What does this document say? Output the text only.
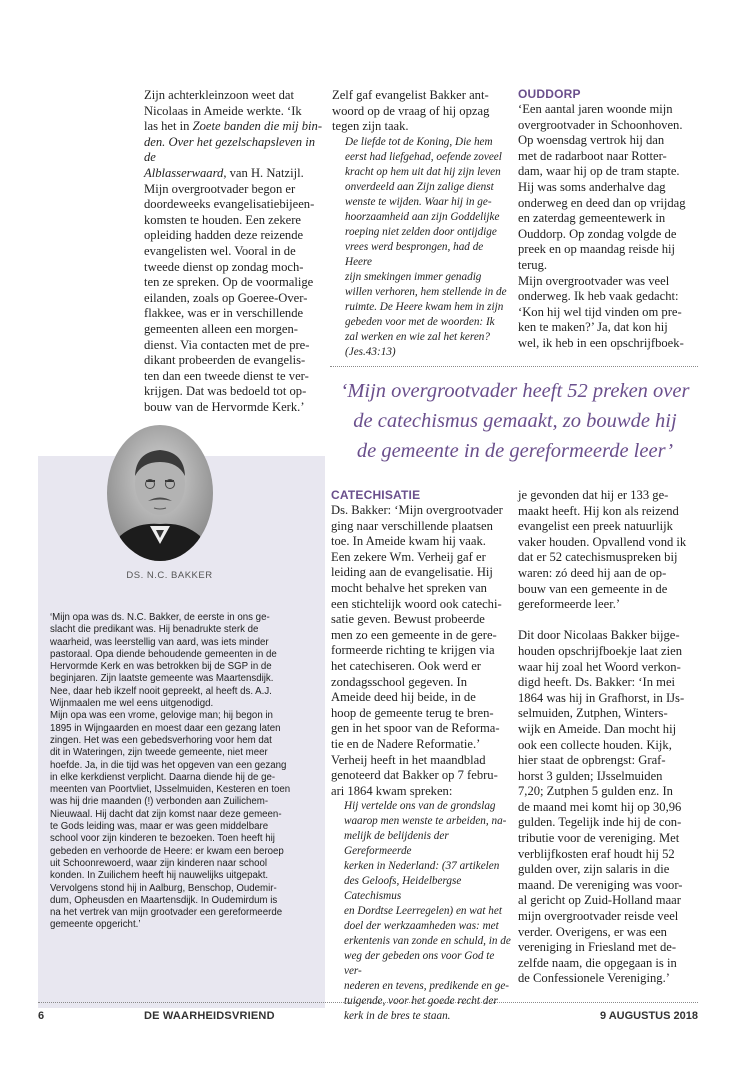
Zijn achterkleinzoon weet dat
Nicolaas in Ameide werkte. ‘Ik
las het in Zoete banden die mij bin-
den. Over het gezelschapsleven in de
Alblasserwaard, van H. Natzijl.
Mijn overgrootvader begon er
doordeweeks evangelisatiebijeen-
komsten te houden. Een zekere
opleiding hadden deze reizende
evangelisten wel. Vooral in de
tweede dienst op zondag moch-
ten ze spreken. Op de voormalige
eilanden, zoals op Goeree-Over-
flakkee, was er in verschillende
gemeenten alleen een morgen-
dienst. Via contacten met de pre-
dikant probeerden de evangelis-
ten dan een tweede dienst te ver-
krijgen. Dat was bedoeld tot op-
bouw van de Hervormde Kerk.’
Zelf gaf evangelist Bakker ant-
woord op de vraag of hij opzag
tegen zijn taak.
De liefde tot de Koning, Die hem
eerst had liefgehad, oefende zoveel
kracht op hem uit dat hij zijn leven
onverdeeld aan Zijn zalige dienst
wenste te wijden. Waar hij in ge-
hoorzaamheid aan zijn Goddelijke
roeping niet zelden door ontijdige
vrees werd besprongen, had de Heere
zijn smekingen immer genadig
willen verhoren, hem stellende in de
ruimte. De Heere kwam hem in zijn
gebeden voor met de woorden: Ik
zal werken en wie zal het keren?
(Jes.43:13)
OUDDORP
‘Een aantal jaren woonde mijn
overgrootvader in Schoonhoven.
Op woensdag vertrok hij dan
met de radarboot naar Rotter-
dam, waar hij op de tram stapte.
Hij was soms anderhalve dag
onderweg en deed dan op vrijdag
en zaterdag gemeentewerk in
Ouddorp. Op zondag volgde de
preek en op maandag reisde hij
terug.
Mijn overgrootvader was veel
onderweg. Ik heb vaak gedacht:
‘Kon hij wel tijd vinden om pre-
ken te maken?’ Ja, dat kon hij
wel, ik heb in een opschrijfboek-
‘Mijn overgrootvader heeft 52 preken over
de catechismus gemaakt, zo bouwde hij
de gemeente in de gereformeerde leer’
DS. N.C. BAKKER
‘Mijn opa was ds. N.C. Bakker, de eerste in ons ge-
slacht die predikant was. Hij benadrukte sterk de
waarheid, was leerstellig van aard, was iets minder
pastoraal. Opa diende behoudende gemeenten in de
Hervormde Kerk en was betrokken bij de SGP in de
beginjaren. Zijn laatste gemeente was Maartensdijk.
Nee, daar heb ikzelf nooit gepreekt, al heeft ds. A.J.
Wijnmaalen me wel eens uitgenodigd.
Mijn opa was een vrome, gelovige man; hij begon in
1895 in Wijngaarden en moest daar een gezang laten
zingen. Het was een gebedsverhoring voor hem dat
dit in Wateringen, zijn tweede gemeente, niet meer
hoefde. Ja, in die tijd was het opgeven van een gezang
in elke kerkdienst verplicht. Daarna diende hij de ge-
meenten van Poortvliet, IJsselmuiden, Kesteren en toen
was hij drie maanden (!) verbonden aan Zuilichem-
Nieuwaal. Hij dacht dat zijn komst naar deze gemeen-
te Gods leiding was, maar er was geen middelbare
school voor zijn kinderen te bezoeken. Toen heeft hij
gebeden en verhoorde de Heere: er kwam een beroep
uit Schoonrewoerd, waar zijn kinderen naar school
konden. In Zuilichem heeft hij nauwelijks uitgepakt.
Vervolgens stond hij in Aalburg, Benschop, Oudemir-
dum, Opheusden en Maartensdijk. In Oudemirdum is
na het vertrek van mijn grootvader een gereformeerde
gemeente opgericht.’
CATECHISATIE
Ds. Bakker: ‘Mijn overgrootvader
ging naar verschillende plaatsen
toe. In Ameide kwam hij vaak.
Een zekere Wm. Verheij gaf er
leiding aan de evangelisatie. Hij
mocht behalve het spreken van
een stichtelijk woord ook catechi-
satie geven. Bewust probeerde
men zo een gemeente in de gere-
formeerde richting te krijgen via
het catechiseren. Ook werd er
zondagsschool gegeven. In
Ameide deed hij beide, in de
hoop de gemeente terug te bren-
gen in het spoor van de Reforma-
tie en de Nadere Reformatie.’
Verheij heeft in het maandblad
genoteerd dat Bakker op 7 febru-
ari 1864 kwam spreken:
Hij vertelde ons van de grondslag
waarop men wenste te arbeiden, na-
melijk de belijdenis der Gereformeerde
kerken in Nederland: (37 artikelen
des Geloofs, Heidelbergse Catechismus
en Dordtse Leerregelen) en wat het
doel der werkzaamheden was: met
erkentenis van zonde en schuld, in de
weg der gebeden ons voor God te ver-
nederen en tevens, predikende en ge-
tuigende, voor het goede recht der
kerk in de bres te staan.
je gevonden dat hij er 133 ge-
maakt heeft. Hij kon als reizend
evangelist een preek natuurlijk
vaker houden. Opvallend vond ik
dat er 52 catechismuspreken bij
waren: zó deed hij aan de op-
bouw van een gemeente in de
gereformeerde leer.’

Dit door Nicolaas Bakker bijge-
houden opschrijfboekje laat zien
waar hij zoal het Woord verkon-
digd heeft. Ds. Bakker: ‘In mei
1864 was hij in Grafhorst, in IJs-
selmuiden, Zutphen, Winters-
wijk en Ameide. Dan mocht hij
ook een collecte houden. Kijk,
hier staat de opbrengst: Graf-
horst 3 gulden; IJsselmuiden
7,20; Zutphen 5 gulden enz. In
de maand mei komt hij op 30,96
gulden. Tegelijk inde hij de con-
tributie voor de vereniging. Met
verblijfkosten eraf houdt hij 52
gulden over, zijn salaris in die
maand. De vereniging was voor-
al gericht op Zuid-Holland maar
mijn overgrootvader reisde veel
verder. Overigens, er was een
vereniging in Friesland met de-
zelfde naam, die opgegaan is in
de Confessionele Vereniging.’
6	DE WAARHEIDSVRIEND	9 AUGUSTUS 2018
